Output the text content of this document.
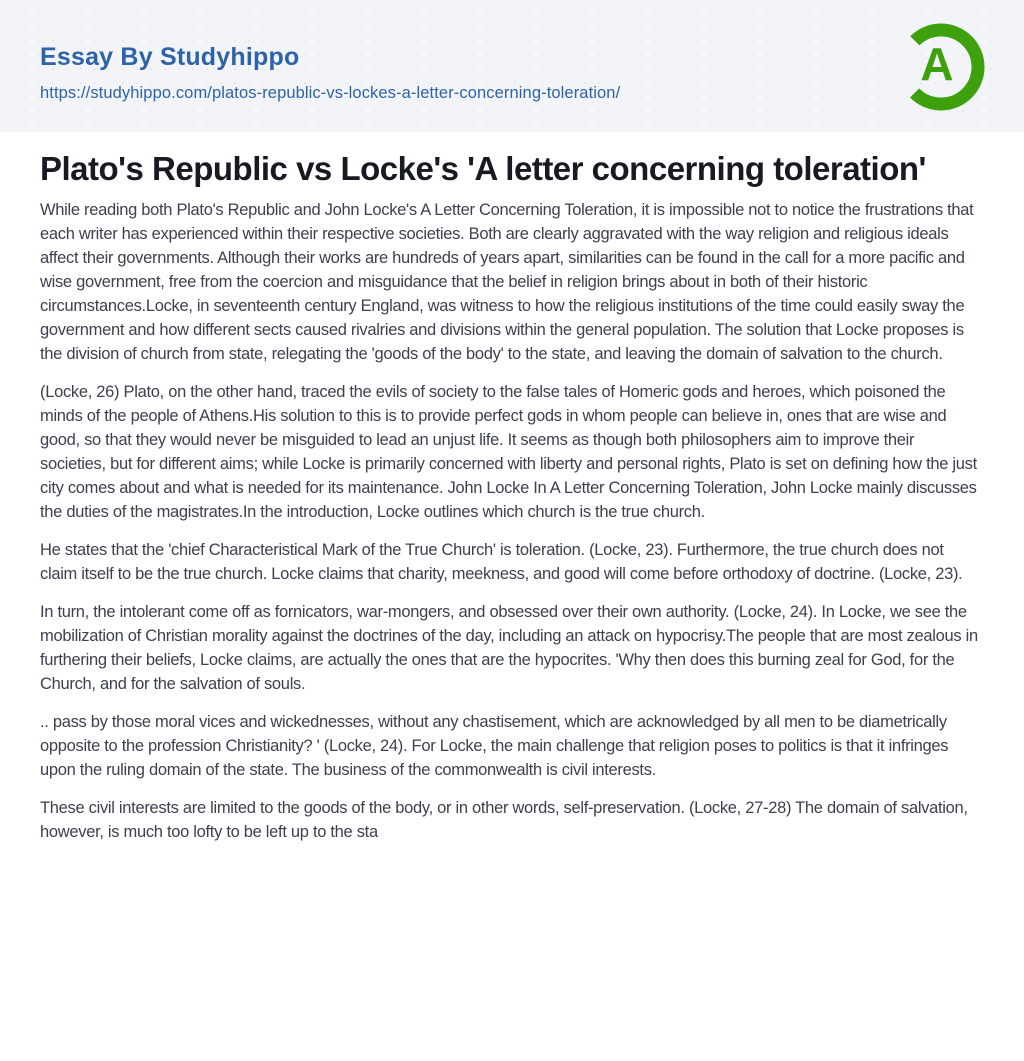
Essay By Studyhippo
https://studyhippo.com/platos-republic-vs-lockes-a-letter-concerning-toleration/
A
Plato's Republic vs Locke's 'A letter concerning toleration'

While reading both Plato's Republic and John Locke's A Letter Concerning Toleration, it is impossible not to notice the frustrations that each writer has experienced within their respective societies. Both are clearly aggravated with the way religion and religious ideals affect their governments. Although their works are hundreds of years apart, similarities can be found in the call for a more pacific and wise government, free from the coercion and misguidance that the belief in religion brings about in both of their historic circumstances.Locke, in seventeenth century England, was witness to how the religious institutions of the time could easily sway the government and how different sects caused rivalries and divisions within the general population. The solution that Locke proposes is the division of church from state, relegating the 'goods of the body' to the state, and leaving the domain of salvation to the church.

(Locke, 26) Plato, on the other hand, traced the evils of society to the false tales of Homeric gods and heroes, which poisoned the minds of the people of Athens.His solution to this is to provide perfect gods in whom people can believe in, ones that are wise and good, so that they would never be misguided to lead an unjust life. It seems as though both philosophers aim to improve their societies, but for different aims; while Locke is primarily concerned with liberty and personal rights, Plato is set on defining how the just city comes about and what is needed for its maintenance. John Locke In A Letter Concerning Toleration, John Locke mainly discusses the duties of the magistrates.In the introduction, Locke outlines which church is the true church.

He states that the 'chief Characteristical Mark of the True Church' is toleration. (Locke, 23). Furthermore, the true church does not claim itself to be the true church. Locke claims that charity, meekness, and good will come before orthodoxy of doctrine. (Locke, 23).

In turn, the intolerant come off as fornicators, war-mongers, and obsessed over their own authority. (Locke, 24). In Locke, we see the mobilization of Christian morality against the doctrines of the day, including an attack on hypocrisy.The people that are most zealous in furthering their beliefs, Locke claims, are actually the ones that are the hypocrites. 'Why then does this burning zeal for God, for the Church, and for the salvation of souls.

.. pass by those moral vices and wickednesses, without any chastisement, which are acknowledged by all men to be diametrically opposite to the profession Christianity? ' (Locke, 24). For Locke, the main challenge that religion poses to politics is that it infringes upon the ruling domain of the state. The business of the commonwealth is civil interests.

These civil interests are limited to the goods of the body, or in other words, self-preservation. (Locke, 27-28) The domain of salvation, however, is much too lofty to be left up to the sta
